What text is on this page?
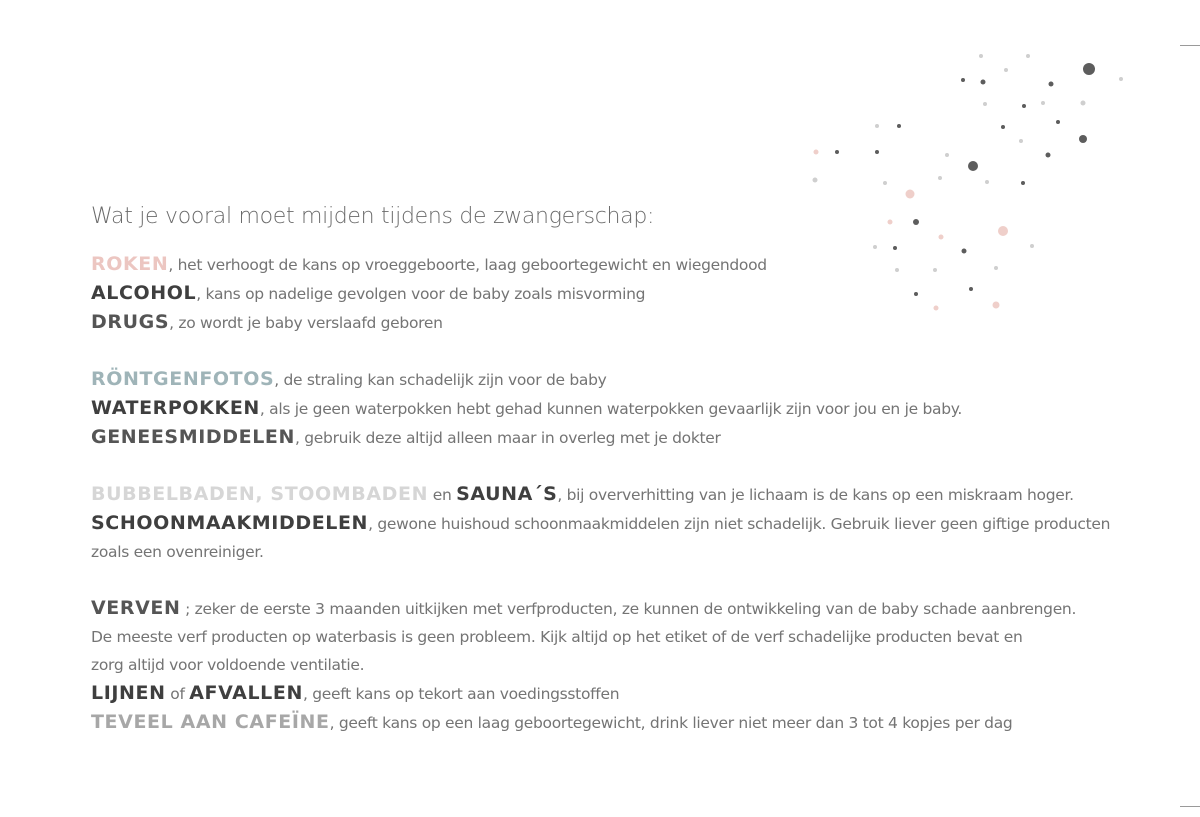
Wat je vooral moet mijden tijdens de zwangerschap:
ROKEN, het verhoogt de kans op vroeggeboorte, laag geboortegewicht en wiegendood
ALCOHOL, kans op nadelige gevolgen voor de baby zoals misvorming
DRUGS, zo wordt je baby verslaafd geboren
RÖNTGENFOTOS, de straling kan schadelijk zijn voor de baby
WATERPOKKEN, als je geen waterpokken hebt gehad kunnen waterpokken gevaarlijk zijn voor jou en je baby.
GENEESMIDDELEN, gebruik deze altijd alleen maar in overleg met je dokter
BUBBELBADEN, STOOMBADEN en SAUNA´S, bij oververhitting van je lichaam is de kans op een miskraam hoger.
SCHOONMAAKMIDDELEN, gewone huishoud schoonmaakmiddelen zijn niet schadelijk. Gebruik liever geen giftige producten
zoals een ovenreiniger.
VERVEN ; zeker de eerste 3 maanden uitkijken met verfproducten, ze kunnen de ontwikkeling van de baby schade aanbrengen.
De meeste verf producten op waterbasis is geen probleem. Kijk altijd op het etiket of de verf schadelijke producten bevat en
zorg altijd voor voldoende ventilatie.
LIJNEN of AFVALLEN, geeft kans op tekort aan voedingsstoffen
TEVEEL AAN CAFEÏNE, geeft kans op een laag geboortegewicht, drink liever niet meer dan 3 tot 4 kopjes per dag
